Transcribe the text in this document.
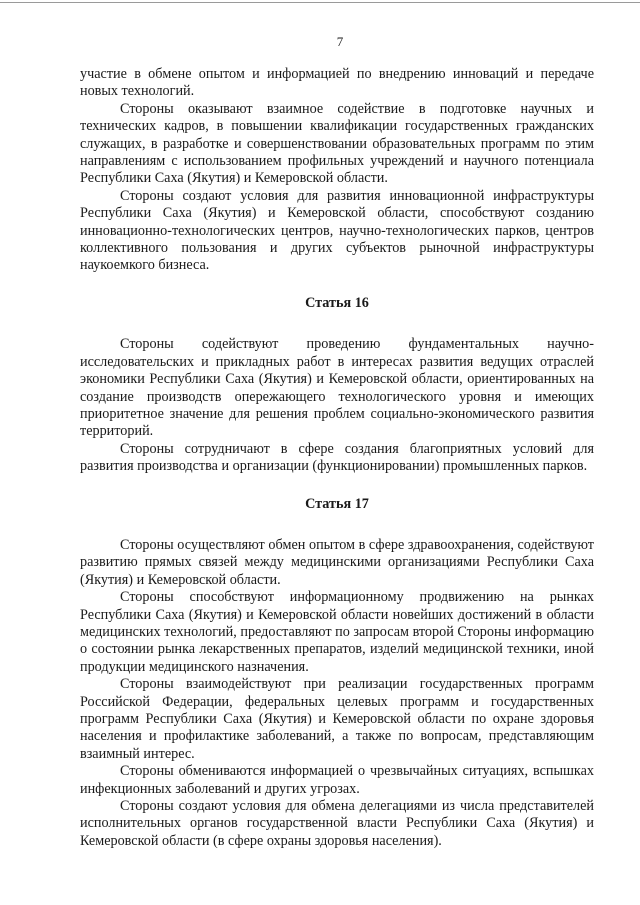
7

участие в обмене опытом и информацией по внедрению инноваций и передаче новых технологий.

Стороны оказывают взаимное содействие в подготовке научных и технических кадров, в повышении квалификации государственных гражданских служащих, в разработке и совершенствовании образовательных программ по этим направлениям с использованием профильных учреждений и научного потенциала Республики Саха (Якутия) и Кемеровской области.

Стороны создают условия для развития инновационной инфраструктуры Республики Саха (Якутия) и Кемеровской области, способствуют созданию инновационно-технологических центров, научно-технологических парков, центров коллективного пользования и других субъектов рыночной инфраструктуры наукоемкого бизнеса.

Статья 16

Стороны содействуют проведению фундаментальных научно-исследовательских и прикладных работ в интересах развития ведущих отраслей экономики Республики Саха (Якутия) и Кемеровской области, ориентированных на создание производств опережающего технологического уровня и имеющих приоритетное значение для решения проблем социально-экономического развития территорий.

Стороны сотрудничают в сфере создания благоприятных условий для развития производства и организации (функционировании) промышленных парков.

Статья 17

Стороны осуществляют обмен опытом в сфере здравоохранения, содействуют развитию прямых связей между медицинскими организациями Республики Саха (Якутия) и Кемеровской области.

Стороны способствуют информационному продвижению на рынках Республики Саха (Якутия) и Кемеровской области новейших достижений в области медицинских технологий, предоставляют по запросам второй Стороны информацию о состоянии рынка лекарственных препаратов, изделий медицинской техники, иной продукции медицинского назначения.

Стороны взаимодействуют при реализации государственных программ Российской Федерации, федеральных целевых программ и государственных программ Республики Саха (Якутия) и Кемеровской области по охране здоровья населения и профилактике заболеваний, а также по вопросам, представляющим взаимный интерес.

Стороны обмениваются информацией о чрезвычайных ситуациях, вспышках инфекционных заболеваний и других угрозах.

Стороны создают условия для обмена делегациями из числа представителей исполнительных органов государственной власти Республики Саха (Якутия) и Кемеровской области (в сфере охраны здоровья населения).
